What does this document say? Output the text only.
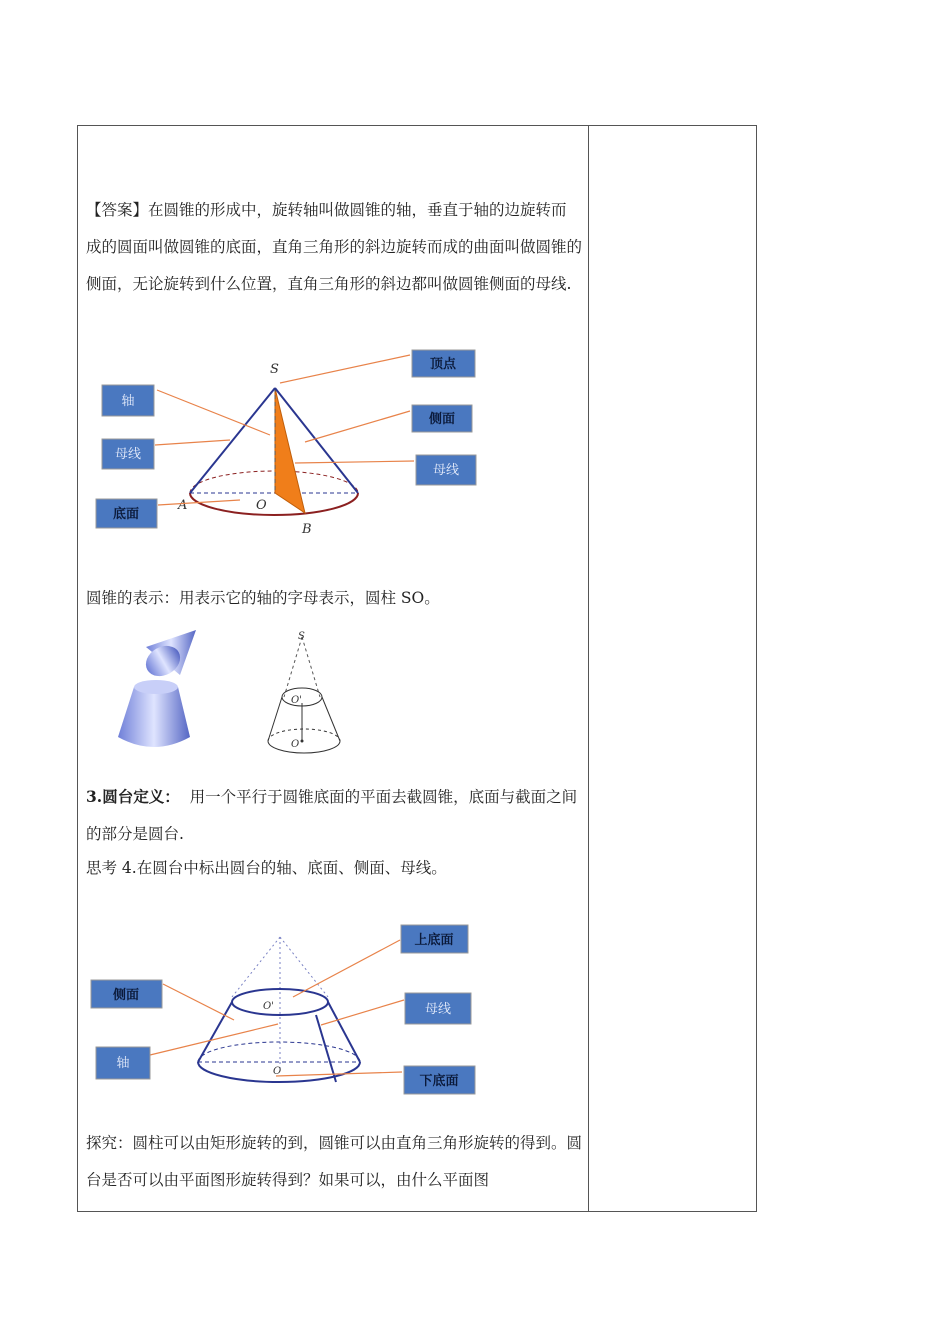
【答案】在圆锥的形成中，旋转轴叫做圆锥的轴，垂直于轴的边旋转而成的圆面叫做圆锥的底面，直角三角形的斜边旋转而成的曲面叫做圆锥的侧面，无论旋转到什么位置，直角三角形的斜边都叫做圆锥侧面的母线.

S
A	O
B
顶点
轴
侧面
母线
母线
底面

圆锥的表示：用表示它的轴的字母表示，圆柱 SO。

S
O'
O

3.圆台定义： 用一个平行于圆锥底面的平面去截圆锥，底面与截面之间的部分是圆台.

思考 4.在圆台中标出圆台的轴、底面、侧面、母线。

O'
O
上底面
侧面
母线
轴
下底面

探究：圆柱可以由矩形旋转的到，圆锥可以由直角三角形旋转的得到。圆台是否可以由平面图形旋转得到？如果可以，由什么平面图
